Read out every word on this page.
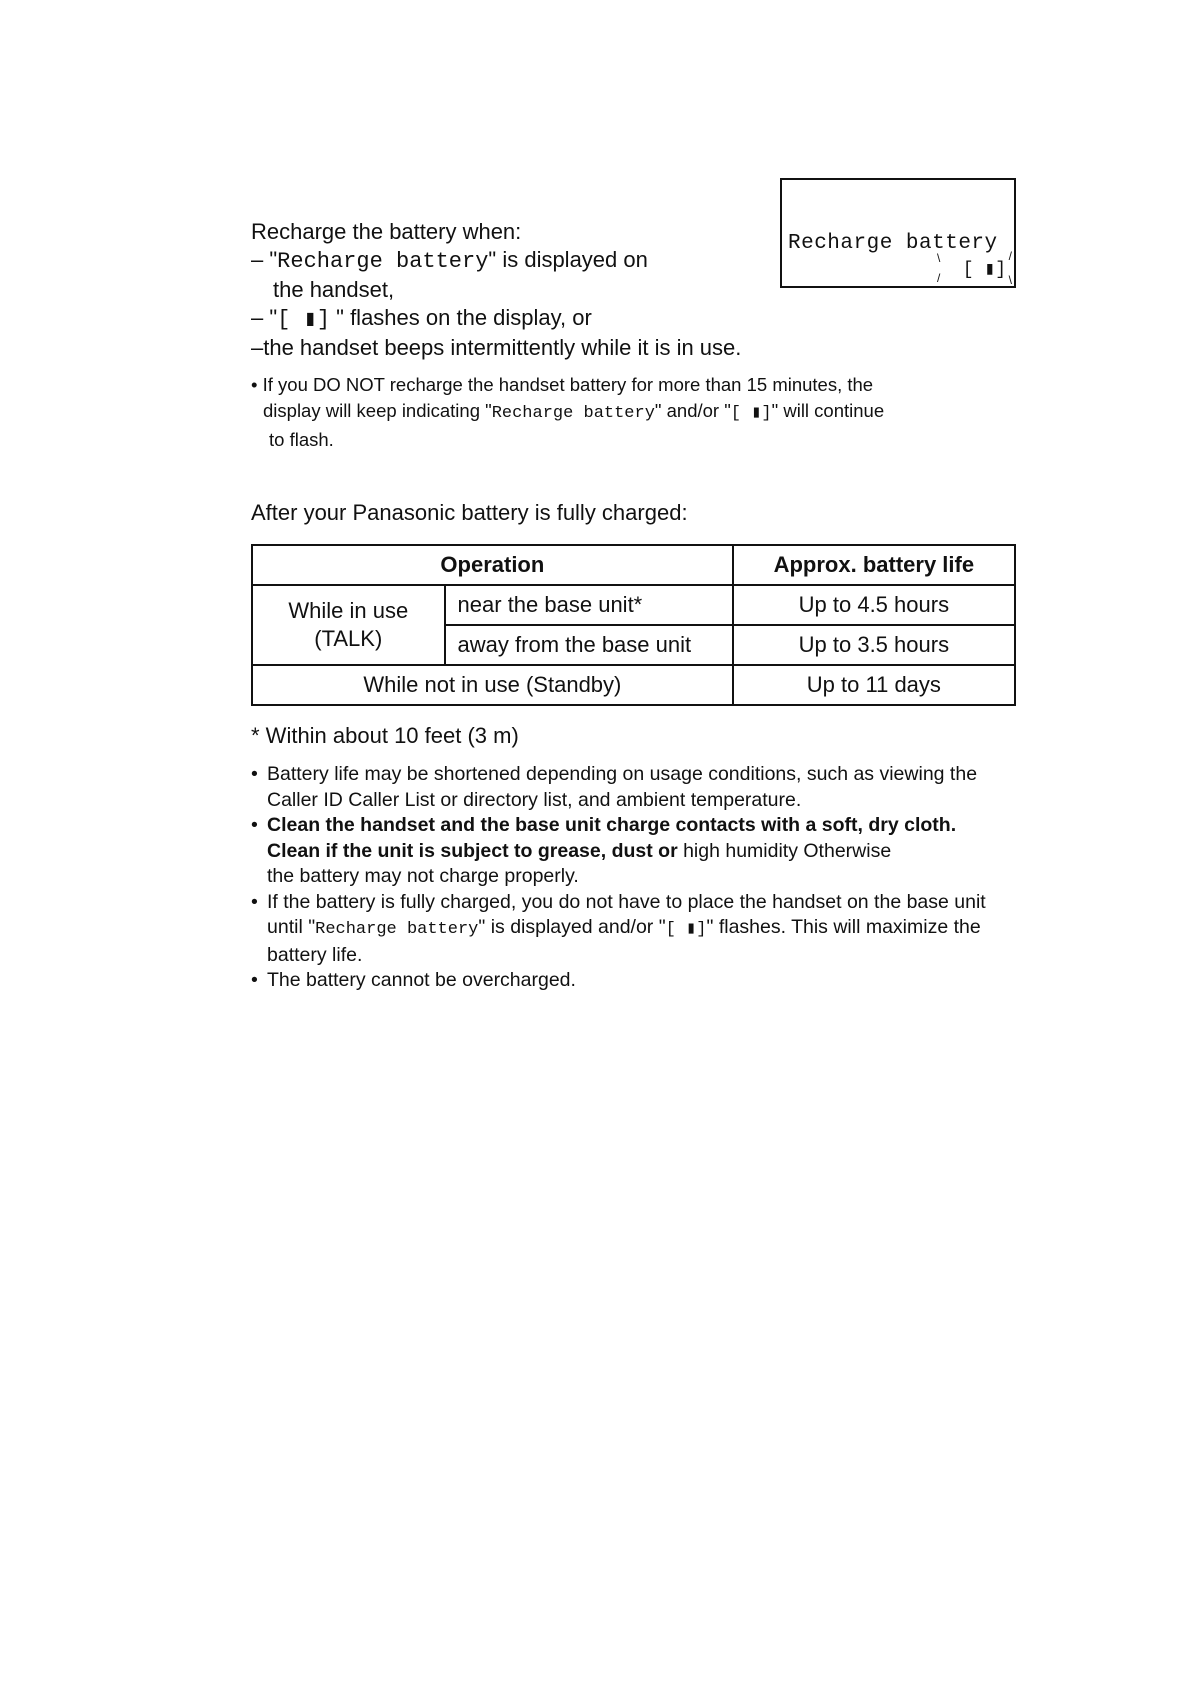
Recharge battery
\
/
/
\
[ ▮]
Recharge the battery when:
– "Recharge battery" is displayed on
the handset,
– "[ ▮] " flashes on the display, or
–the handset beeps intermittently while it is in use.
• If you DO NOT recharge the handset battery for more than 15 minutes, the
display will keep indicating "Recharge battery" and/or "[ ▮]" will continue
to flash.
After your Panasonic battery is fully charged:
Operation		Approx. battery life

While in use
(TALK)	near the base unit*	Up to 4.5 hours
	away from the base unit	Up to 3.5 hours
While not in use (Standby)		Up to 11 days
* Within about 10 feet (3 m)
• Battery life may be shortened depending on usage conditions, such as viewing the Caller ID Caller List or directory list, and ambient temperature.
• Clean the handset and the base unit charge contacts with a soft, dry cloth.
Clean if the unit is subject to grease, dust or high humidity Otherwise
the battery may not charge properly.
• If the battery is fully charged, you do not have to place the handset on the base unit until "Recharge battery" is displayed and/or "[ ▮]" flashes. This will maximize the battery life.
• The battery cannot be overcharged.
